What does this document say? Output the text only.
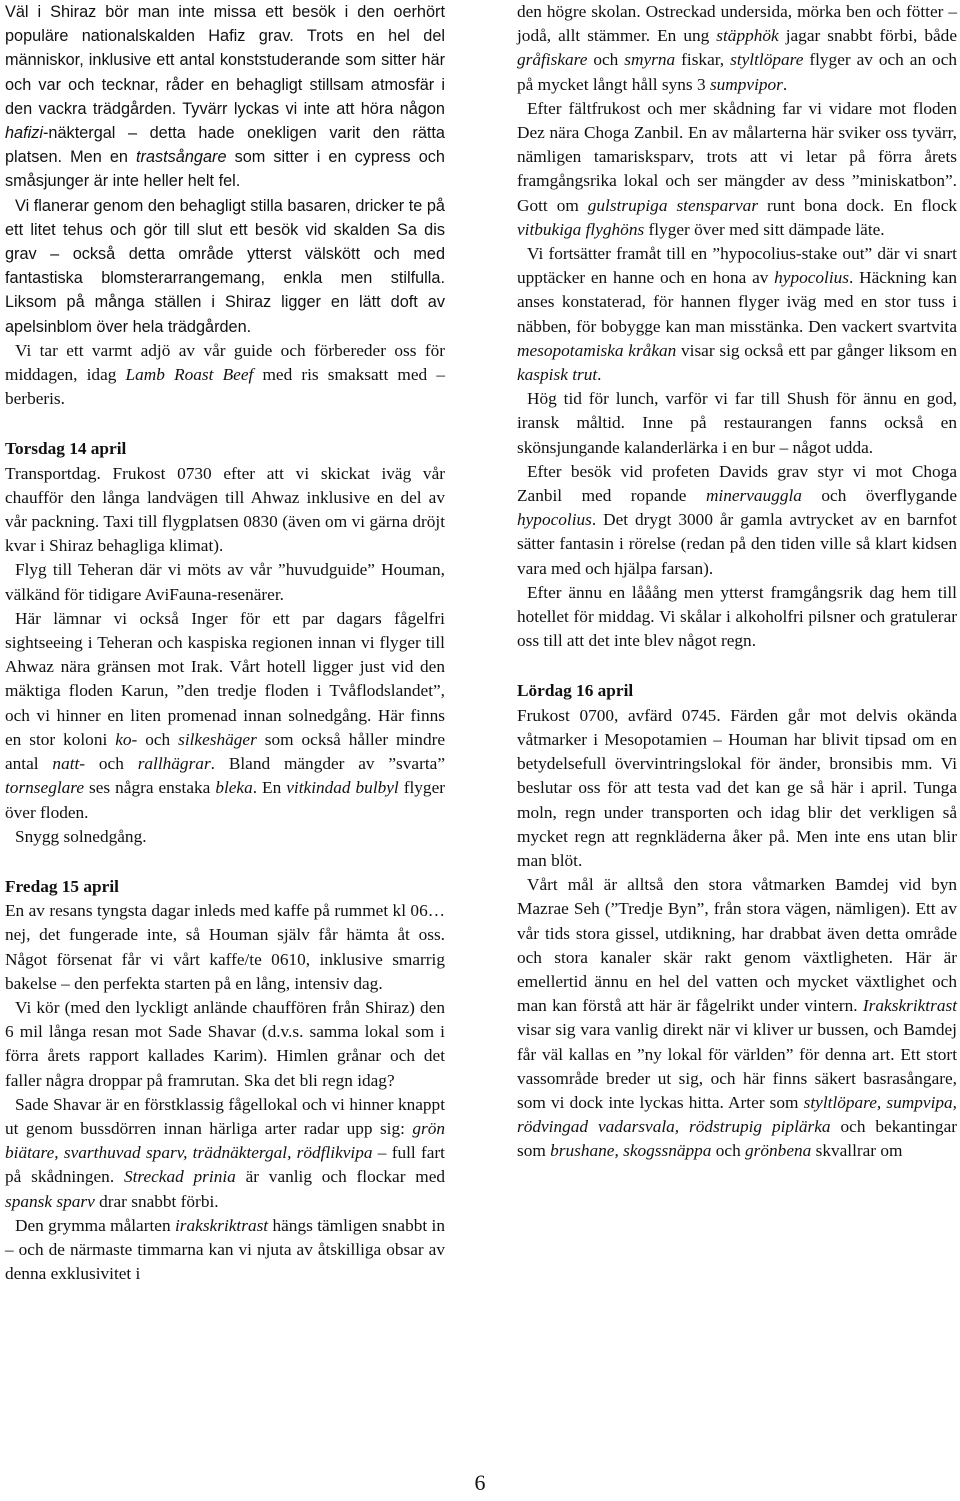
Väl i Shiraz bör man inte missa ett besök i den oerhört populäre nationalskalden Hafiz grav. Trots en hel del människor, inklusive ett antal konststuderande som sitter här och var och tecknar, råder en behagligt stillsam atmosfär i den vackra trädgården. Tyvärr lyckas vi inte att höra någon hafizi-näktergal – detta hade onekligen varit den rätta platsen. Men en trastsångare som sitter i en cypress och småsjunger är inte heller helt fel.

Vi flanerar genom den behagligt stilla basaren, dricker te på ett litet tehus och gör till slut ett besök vid skalden Sa dis grav – också detta område ytterst välskött och med fantastiska blomsterarrangemang, enkla men stilfulla. Liksom på många ställen i Shiraz ligger en lätt doft av apelsinblom över hela trädgården.

Vi tar ett varmt adjö av vår guide och förbereder oss för middagen, idag Lamb Roast Beef med ris smaksatt med – berberis.

Torsdag 14 april

Transportdag. Frukost 0730 efter att vi skickat iväg vår chaufför den långa landvägen till Ahwaz inklusive en del av vår packning. Taxi till flygplatsen 0830 (även om vi gärna dröjt kvar i Shiraz behagliga klimat).

Flyg till Teheran där vi möts av vår ”huvudguide” Houman, välkänd för tidigare AviFauna-resenärer.

Här lämnar vi också Inger för ett par dagars fågelfri sightseeing i Teheran och kaspiska regionen innan vi flyger till Ahwaz nära gränsen mot Irak. Vårt hotell ligger just vid den mäktiga floden Karun, ”den tredje floden i Tvåflodslandet”, och vi hinner en liten promenad innan solnedgång. Här finns en stor koloni ko- och silkeshäger som också håller mindre antal natt- och rallhägrar. Bland mängder av ”svarta” tornseglare ses några enstaka bleka. En vitkindad bulbyl flyger över floden.

Snygg solnedgång.

Fredag 15 april

En av resans tyngsta dagar inleds med kaffe på rummet kl 06… nej, det fungerade inte, så Houman själv får hämta åt oss. Något försenat får vi vårt kaffe/te 0610, inklusive smarrig bakelse – den perfekta starten på en lång, intensiv dag.

Vi kör (med den lyckligt anlände chauffören från Shiraz) den 6 mil långa resan mot Sade Shavar (d.v.s. samma lokal som i förra årets rapport kallades Karim). Himlen grånar och det faller några droppar på framrutan. Ska det bli regn idag?

Sade Shavar är en förstklassig fågellokal och vi hinner knappt ut genom bussdörren innan härliga arter radar upp sig: grön biätare, svarthuvad sparv, trädnäktergal, rödflikvipa – full fart på skådningen. Streckad prinia är vanlig och flockar med spansk sparv drar snabbt förbi.

Den grymma målarten irakskriktrast hängs tämligen snabbt in – och de närmaste timmarna kan vi njuta av åtskilliga obsar av denna exklusivitet i

den högre skolan. Ostreckad undersida, mörka ben och fötter – jodå, allt stämmer. En ung stäpphök jagar snabbt förbi, både gråfiskare och smyrna fiskar, styltlöpare flyger av och an och på mycket långt håll syns 3 sumpvipor.

Efter fältfrukost och mer skådning far vi vidare mot floden Dez nära Choga Zanbil. En av målarterna här sviker oss tyvärr, nämligen tamarisksparv, trots att vi letar på förra årets framgångsrika lokal och ser mängder av dess ”miniskatbon”. Gott om gulstrupiga stensparvar runt bona dock. En flock vitbukiga flyghöns flyger över med sitt dämpade läte.

Vi fortsätter framåt till en ”hypocolius-stake out” där vi snart upptäcker en hanne och en hona av hypocolius. Häckning kan anses konstaterad, för hannen flyger iväg med en stor tuss i näbben, för bobygge kan man misstänka. Den vackert svartvita mesopotamiska kråkan visar sig också ett par gånger liksom en kaspisk trut.

Hög tid för lunch, varför vi far till Shush för ännu en god, iransk måltid. Inne på restaurangen fanns också en skönsjungande kalanderlärka i en bur – något udda.

Efter besök vid profeten Davids grav styr vi mot Choga Zanbil med ropande minervauggla och överflygande hypocolius. Det drygt 3000 år gamla avtrycket av en barnfot sätter fantasin i rörelse (redan på den tiden ville så klart kidsen vara med och hjälpa farsan).

Efter ännu en lååång men ytterst framgångsrik dag hem till hotellet för middag. Vi skålar i alkoholfri pilsner och gratulerar oss till att det inte blev något regn.

Lördag 16 april

Frukost 0700, avfärd 0745. Färden går mot delvis okända våtmarker i Mesopotamien – Houman har blivit tipsad om en betydelsefull övervintringslokal för änder, bronsibis mm. Vi beslutar oss för att testa vad det kan ge så här i april. Tunga moln, regn under transporten och idag blir det verkligen så mycket regn att regnkläderna åker på. Men inte ens utan blir man blöt.

Vårt mål är alltså den stora våtmarken Bamdej vid byn Mazrae Seh (”Tredje Byn”, från stora vägen, nämligen). Ett av vår tids stora gissel, utdikning, har drabbat även detta område och stora kanaler skär rakt genom växtligheten. Här är emellertid ännu en hel del vatten och mycket växtlighet och man kan förstå att här är fågelrikt under vintern. Irakskriktrast visar sig vara vanlig direkt när vi kliver ur bussen, och Bamdej får väl kallas en ”ny lokal för världen” för denna art. Ett stort vassområde breder ut sig, och här finns säkert basrasångare, som vi dock inte lyckas hitta. Arter som styltlöpare, sumpvipa, rödvingad vadarsvala, rödstrupig piplärka och bekantingar som brushane, skogssnäppa och grönbena skvallrar om

6
